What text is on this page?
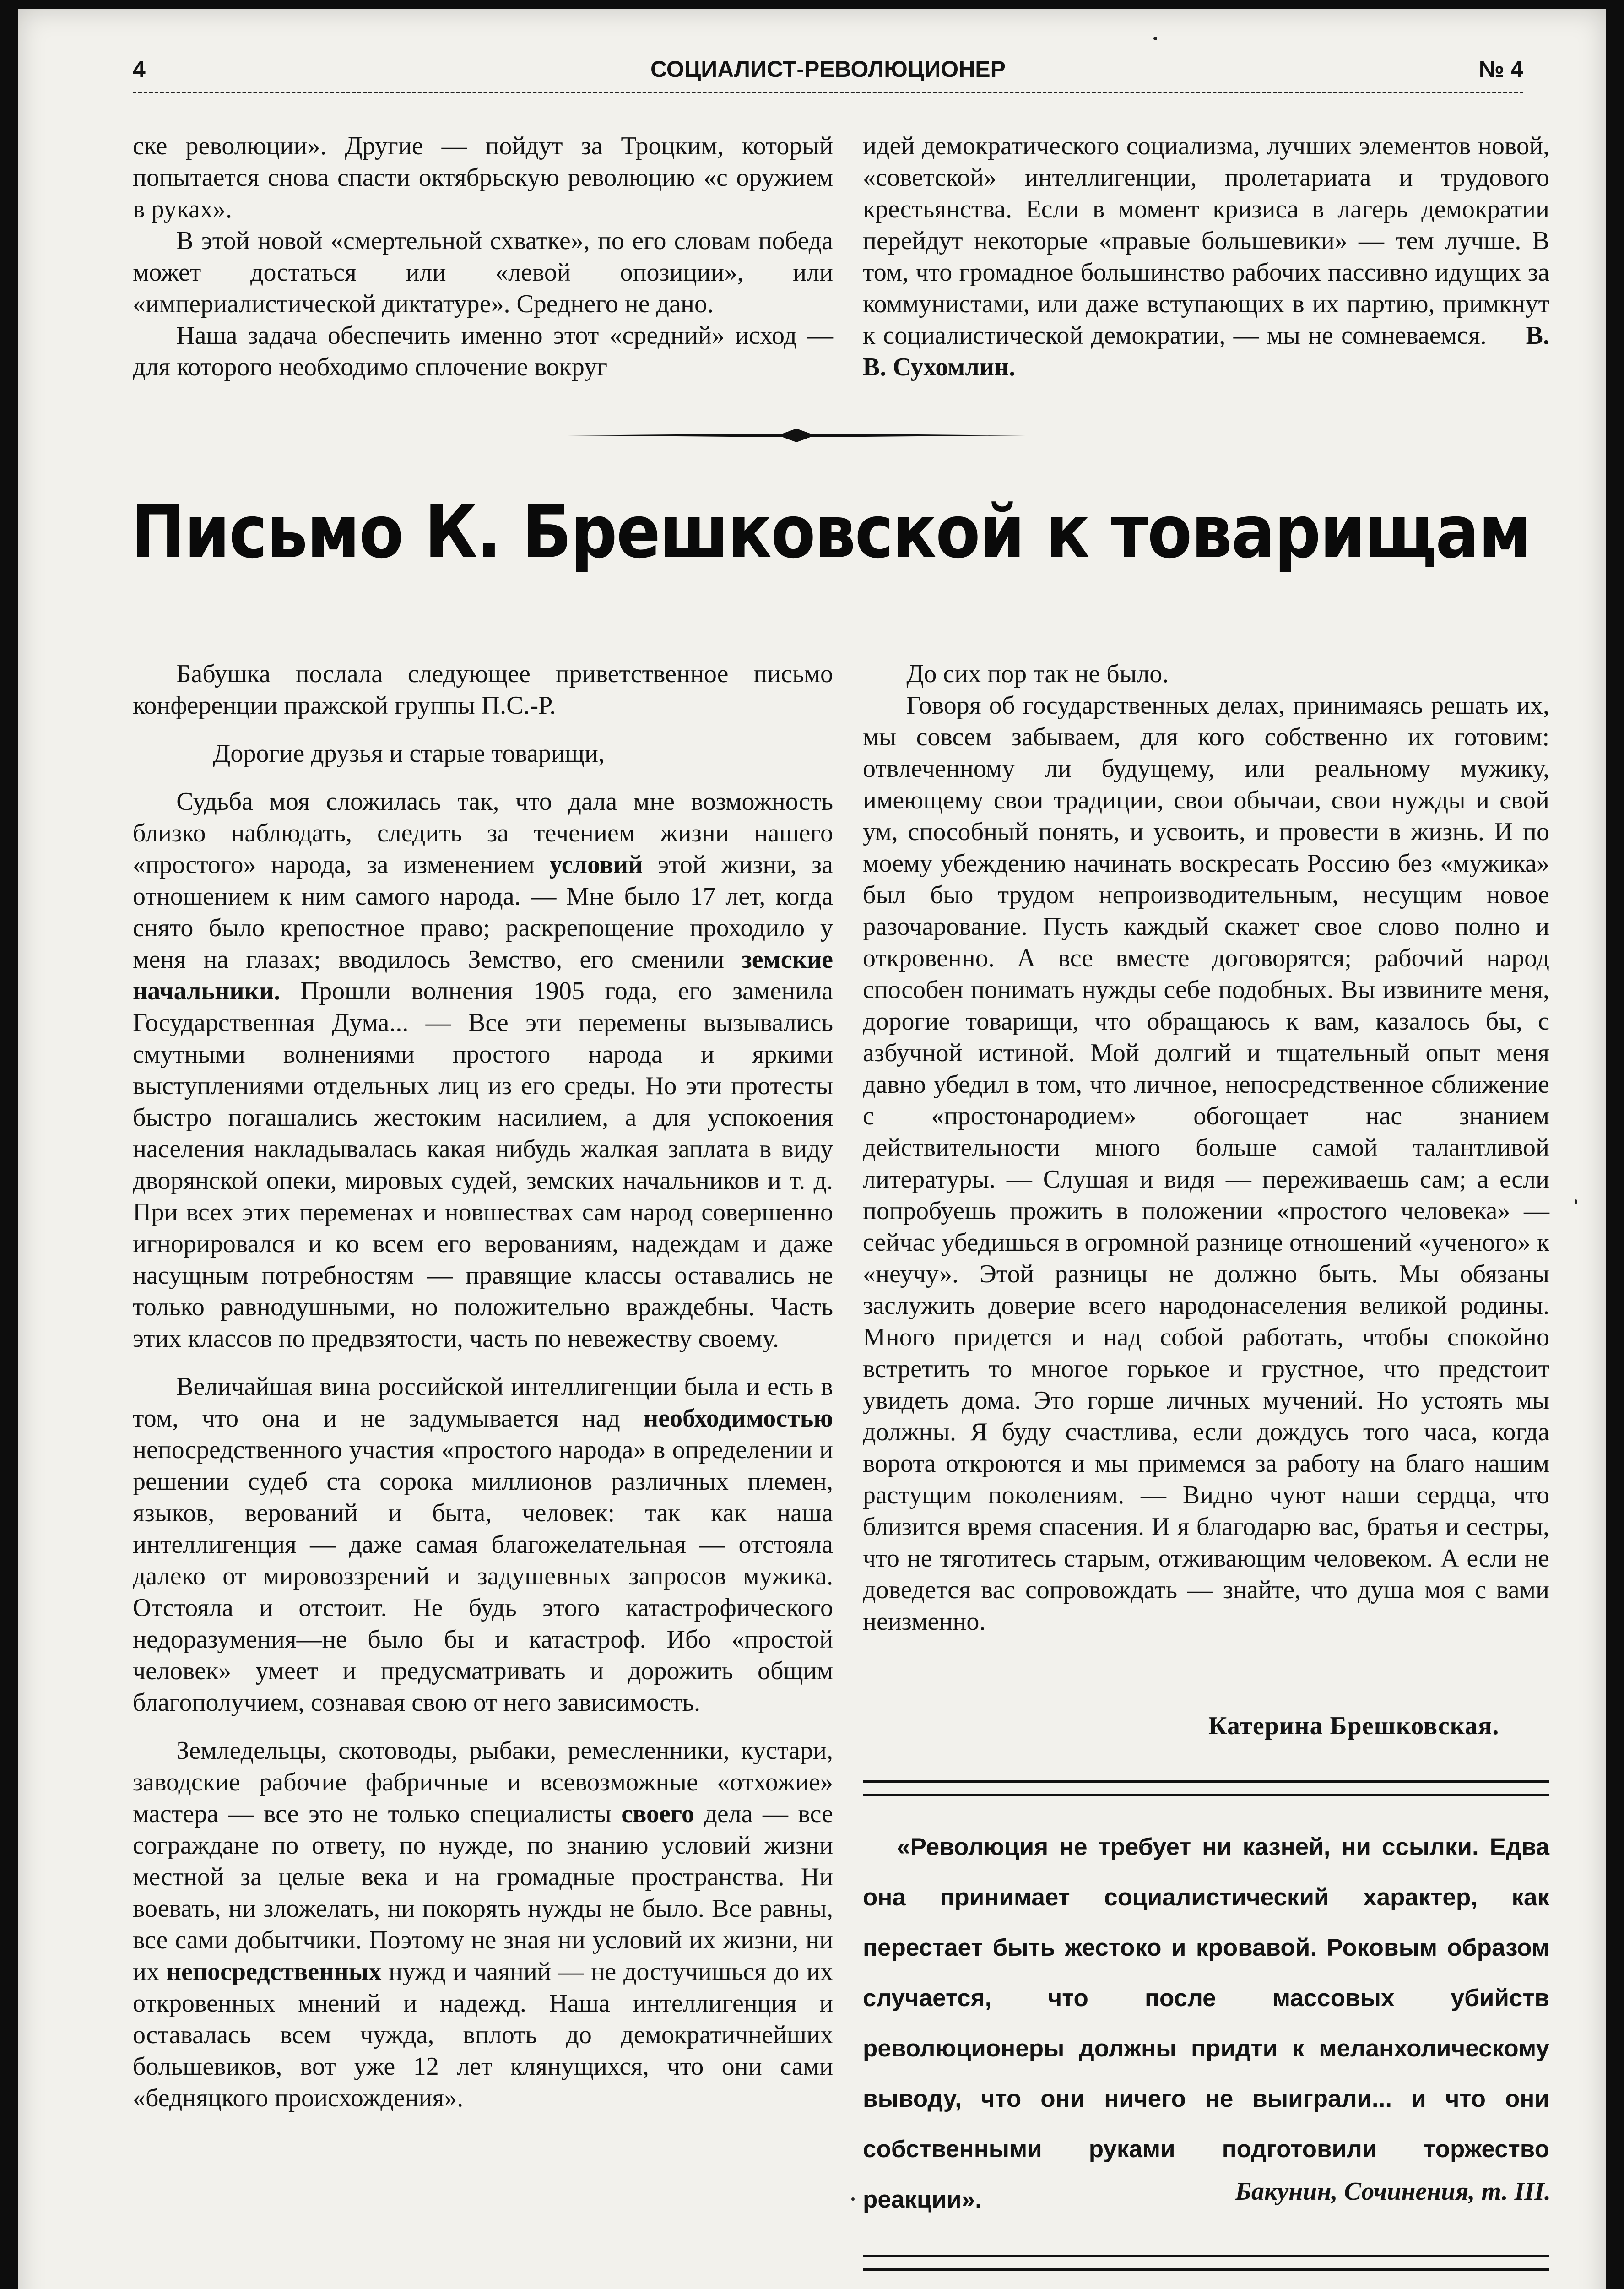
4	СОЦИАЛИСТ-РЕВОЛЮЦИОНЕР	№ 4

ске революции». Другие — пойдут за Троцким, который попытается снова спасти октябрьскую революцию «с оружием в руках».

В этой новой «смертельной схватке», по его словам победа может достаться или «левой опозиции», или «империалистической диктатуре». Среднего не дано.

Наша задача обеспечить именно этот «средний» исход — для которого необходимо сплочение вокруг

идей демократического социализма, лучших элементов новой, «советской» интеллигенции, пролетариата и трудового крестьянства. Если в момент кризиса в лагерь демократии перейдут некоторые «правые большевики» — тем лучше. В том, что громадное большинство рабочих пассивно идущих за коммунистами, или даже вступающих в их партию, примкнут к социалистической демократии, — мы не сомневаемся. В. В. Сухомлин.

Письмо К. Брешковской к товарищам

Бабушка послала следующее приветственное письмо конференции пражской группы П.С.-Р.

Дорогие друзья и старые товарищи,

Судьба моя сложилась так, что дала мне возможность близко наблюдать, следить за течением жизни нашего «простого» народа, за изменением условий этой жизни, за отношением к ним самого народа. — Мне было 17 лет, когда снято было крепостное право; раскрепощение проходило у меня на глазах; вводилось Земство, его сменили земские начальники. Прошли волнения 1905 года, его заменила Государственная Дума... — Все эти перемены вызывались смутными волнениями простого народа и яркими выступлениями отдельных лиц из его среды. Но эти протесты быстро погашались жестоким насилием, а для успокоения населения накладывалась какая нибудь жалкая заплата в виду дворянской опеки, мировых судей, земских начальников и т. д. При всех этих переменах и новшествах сам народ совершенно игнорировался и ко всем его верованиям, надеждам и даже насущным потребностям — правящие классы оставались не только равнодушными, но положительно враждебны. Часть этих классов по предвзятости, часть по невежеству своему.

Величайшая вина российской интеллигенции была и есть в том, что она и не задумывается над необходимостью непосредственного участия «простого народа» в определении и решении судеб ста сорока миллионов различных племен, языков, верований и быта, человек: так как наша интеллигенция — даже самая благожелательная — отстояла далеко от мировоззрений и задушевных запросов мужика. Отстояла и отстоит. Не будь этого катастрофического недоразумения—не было бы и катастроф. Ибо «простой человек» умеет и предусматривать и дорожить общим благополучием, сознавая свою от него зависимость.

Земледельцы, скотоводы, рыбаки, ремесленники, кустари, заводские рабочие фабричные и всевозможные «отхожие» мастера — все это не только специалисты своего дела — все сограждане по ответу, по нужде, по знанию условий жизни местной за целые века и на громадные пространства. Ни воевать, ни зложелать, ни покорять нужды не было. Все равны, все сами добытчики. Поэтому не зная ни условий их жизни, ни их непосредственных нужд и чаяний — не достучишься до их откровенных мнений и надежд. Наша интеллигенция и оставалась всем чужда, вплоть до демократичнейших большевиков, вот уже 12 лет клянущихся, что они сами «бедняцкого происхождения».

До сих пор так не было.

Говоря об государственных делах, принимаясь решать их, мы совсем забываем, для кого собственно их готовим: отвлеченному ли будущему, или реальному мужику, имеющему свои традиции, свои обычаи, свои нужды и свой ум, способный понять, и усвоить, и провести в жизнь. И по моему убеждению начинать воскресать Россию без «мужика» был быо трудом непроизводительным, несущим новое разочарование. Пусть каждый скажет свое слово полно и откровенно. А все вместе договорятся; рабочий народ способен понимать нужды себе подобных. Вы извините меня, дорогие товарищи, что обращаюсь к вам, казалось бы, с азбучной истиной. Мой долгий и тщательный опыт меня давно убедил в том, что личное, непосредственное сближение с «простонародием» обогощает нас знанием действительности много больше самой талантливой литературы. — Слушая и видя — переживаешь сам; а если попробуешь прожить в положении «простого человека» — сейчас убедишься в огромной разнице отношений «ученого» к «неучу». Этой разницы не должно быть. Мы обязаны заслужить доверие всего народонаселения великой родины. Много придется и над собой работать, чтобы спокойно встретить то многое горькое и грустное, что предстоит увидеть дома. Это горше личных мучений. Но устоять мы должны. Я буду счастлива, если дождусь того часа, когда ворота откроются и мы примемся за работу на благо нашим растущим поколениям. — Видно чуют наши сердца, что близится время спасения. И я благодарю вас, братья и сестры, что не тяготитесь старым, отживающим человеком. А если не доведется вас сопровождать — знайте, что душа моя с вами неизменно.

Катерина Брешковская.

«Революция не требует ни казней, ни ссылки. Едва она принимает социалистический характер, как перестает быть жестоко и кровавой. Роковым образом случается, что после массовых убийств революционеры должны придти к меланхолическому выводу, что они ничего не выиграли... и что они собственными руками подготовили торжество реакции».	Бакунин, Сочинения, т. III.
